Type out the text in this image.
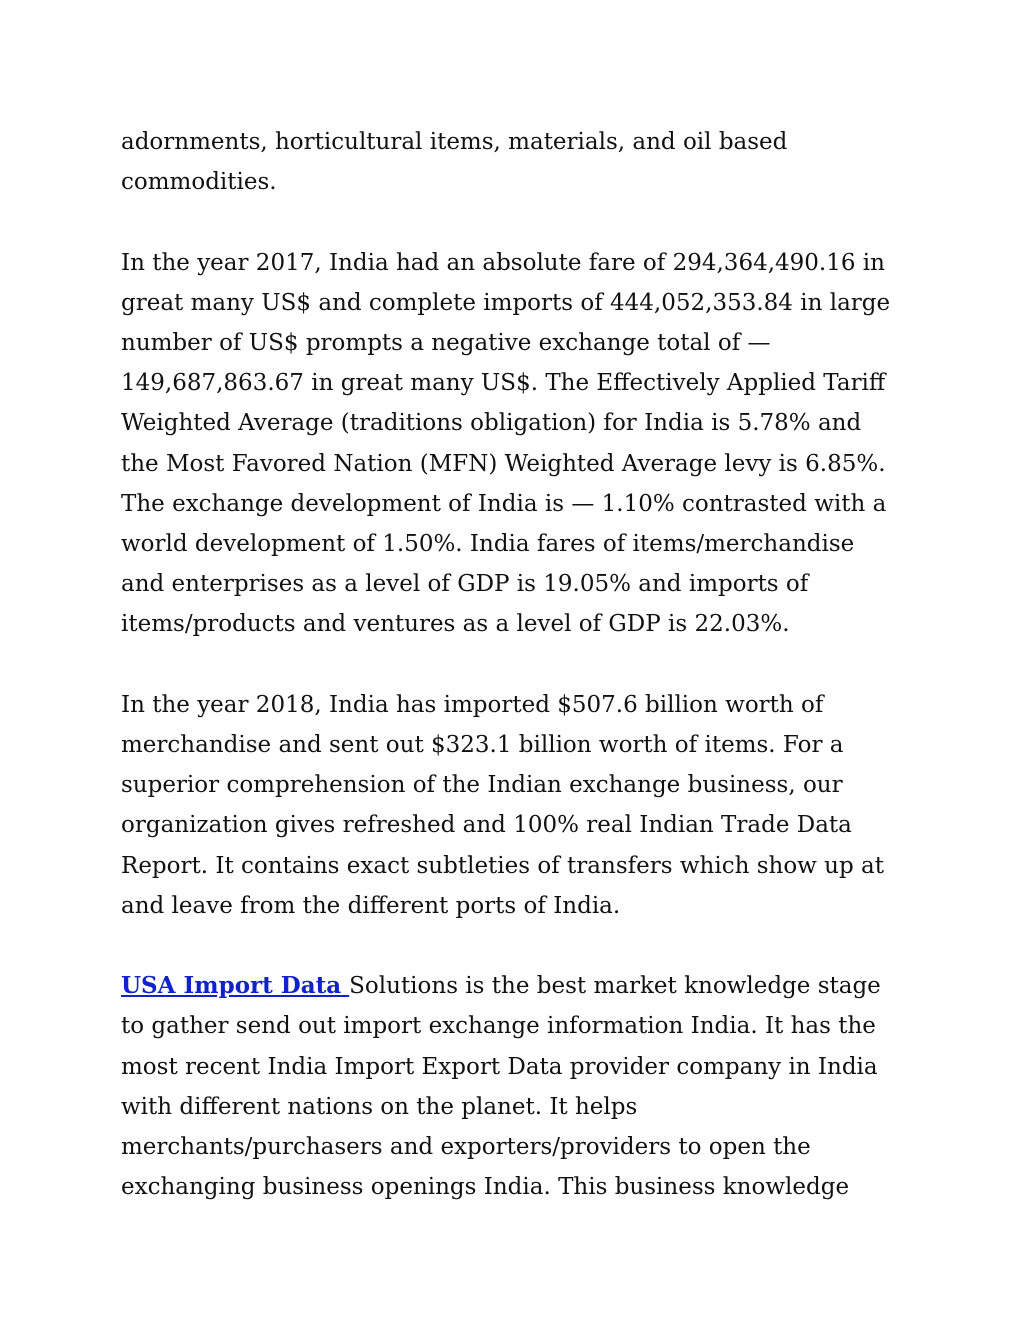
adornments, horticultural items, materials, and oil based
commodities.

In the year 2017, India had an absolute fare of 294,364,490.16 in
great many US$ and complete imports of 444,052,353.84 in large
number of US$ prompts a negative exchange total of —
149,687,863.67 in great many US$. The Effectively Applied Tariff
Weighted Average (traditions obligation) for India is 5.78% and
the Most Favored Nation (MFN) Weighted Average levy is 6.85%.
The exchange development of India is — 1.10% contrasted with a
world development of 1.50%. India fares of items/merchandise
and enterprises as a level of GDP is 19.05% and imports of
items/products and ventures as a level of GDP is 22.03%.

In the year 2018, India has imported $507.6 billion worth of
merchandise and sent out $323.1 billion worth of items. For a
superior comprehension of the Indian exchange business, our
organization gives refreshed and 100% real Indian Trade Data
Report. It contains exact subtleties of transfers which show up at
and leave from the different ports of India.

USA Import Data Solutions is the best market knowledge stage
to gather send out import exchange information India. It has the
most recent India Import Export Data provider company in India
with different nations on the planet. It helps
merchants/purchasers and exporters/providers to open the
exchanging business openings India. This business knowledge
